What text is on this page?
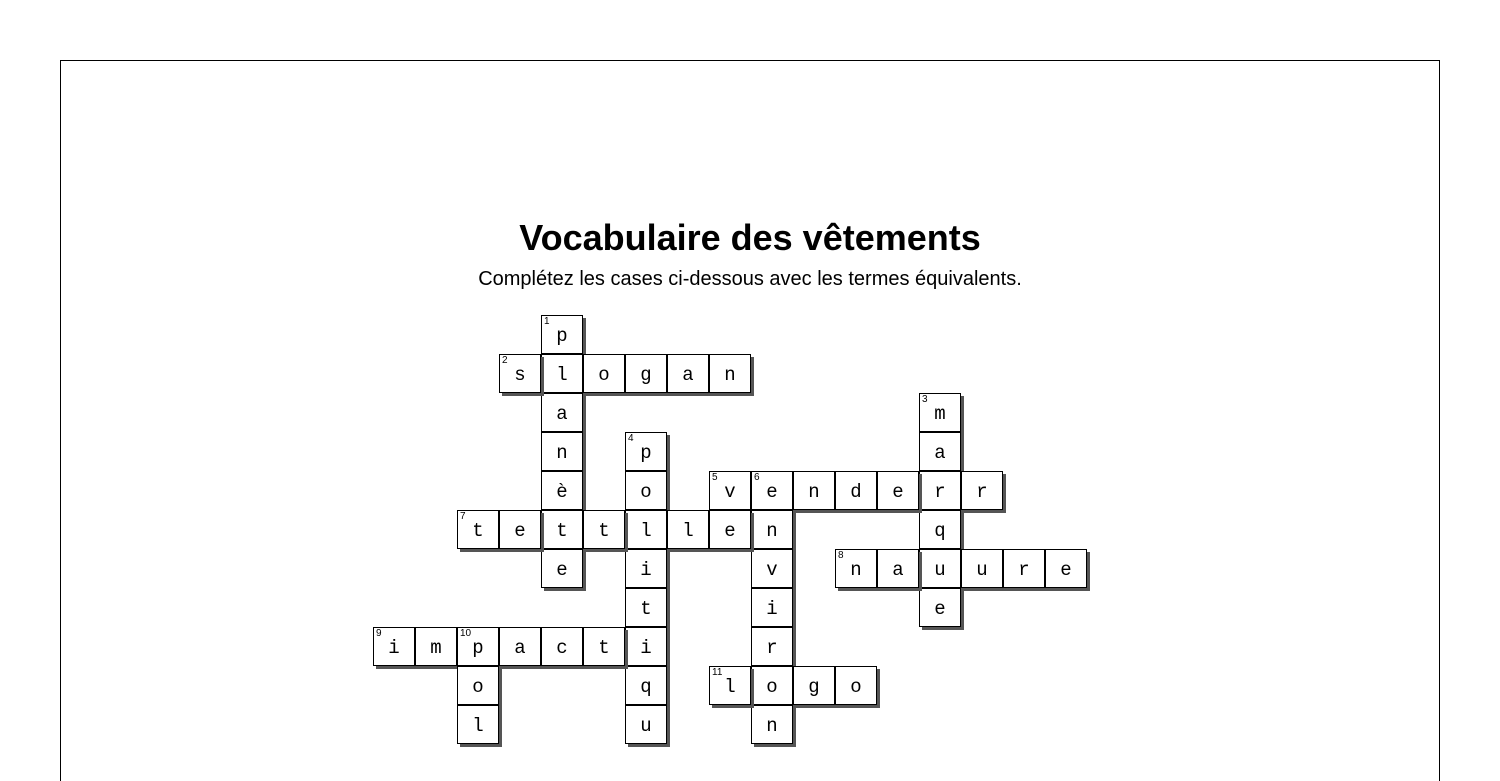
Vocabulaire des vêtements
Complétez les cases ci-dessous avec les termes équivalents.
1
p
l
a
n
è
t
e
2
s	o g a n
3
m
a
r
q
u
e
4
p
o
l
i
t
i
q
u
5
v
6
e n d e	r
n
v
i
r
o
n
7
t e	t	l e
8
n a	u r e
9
i m
10
p a c t
o
l
11
l	g o
